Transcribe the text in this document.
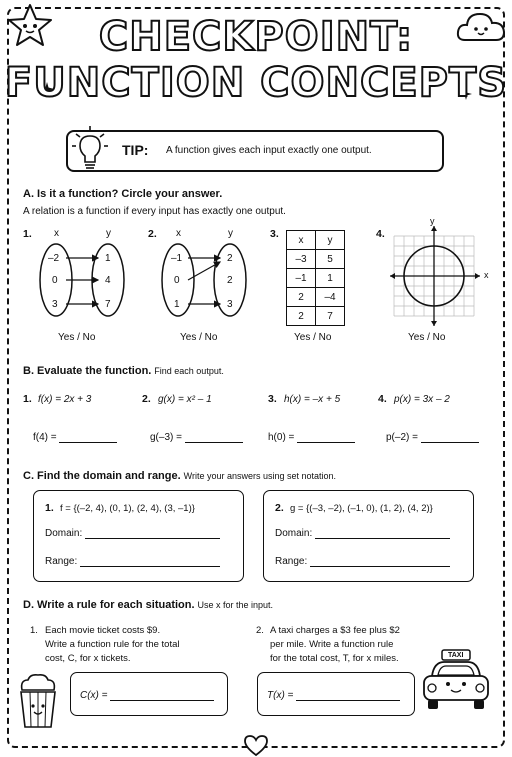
CHECKPOINT:
FUNCTION CONCEPTS
TIP: A function gives each input exactly one output.
A. Is it a function? Circle your answer.
A relation is a function if every input has exactly one output.
1. x	y
–2
0
3
1
4
7
Yes / No
2. x	y
–1
0
1
2
2
3
Yes / No
3. x	y
–3	5
–1	1
2	–4
2	7
Yes / No
4.
x
y
Yes / No
B. Evaluate the function. Find each output.
1. f(x) = 2x + 3	2. g(x) = x² – 1	3. h(x) = –x + 5	4. p(x) = 3x – 2
f(4) =	g(–3) =	h(0) =	p(–2) =
C. Find the domain and range. Write your answers using set notation.
1. f = {(–2, 4), (0, 1), (2, 4), (3, –1)}
Domain:
Range:
2. g = {(–3, –2), (–1, 0), (1, 2), (4, 2)}
Domain:
Range:
D. Write a rule for each situation. Use x for the input.
1. Each movie ticket costs $9.
Write a function rule for the total
cost, C, for x tickets.
2. A taxi charges a $3 fee plus $2
per mile. Write a function rule
for the total cost, T, for x miles.
C(x) =	T(x) =
TAXI
